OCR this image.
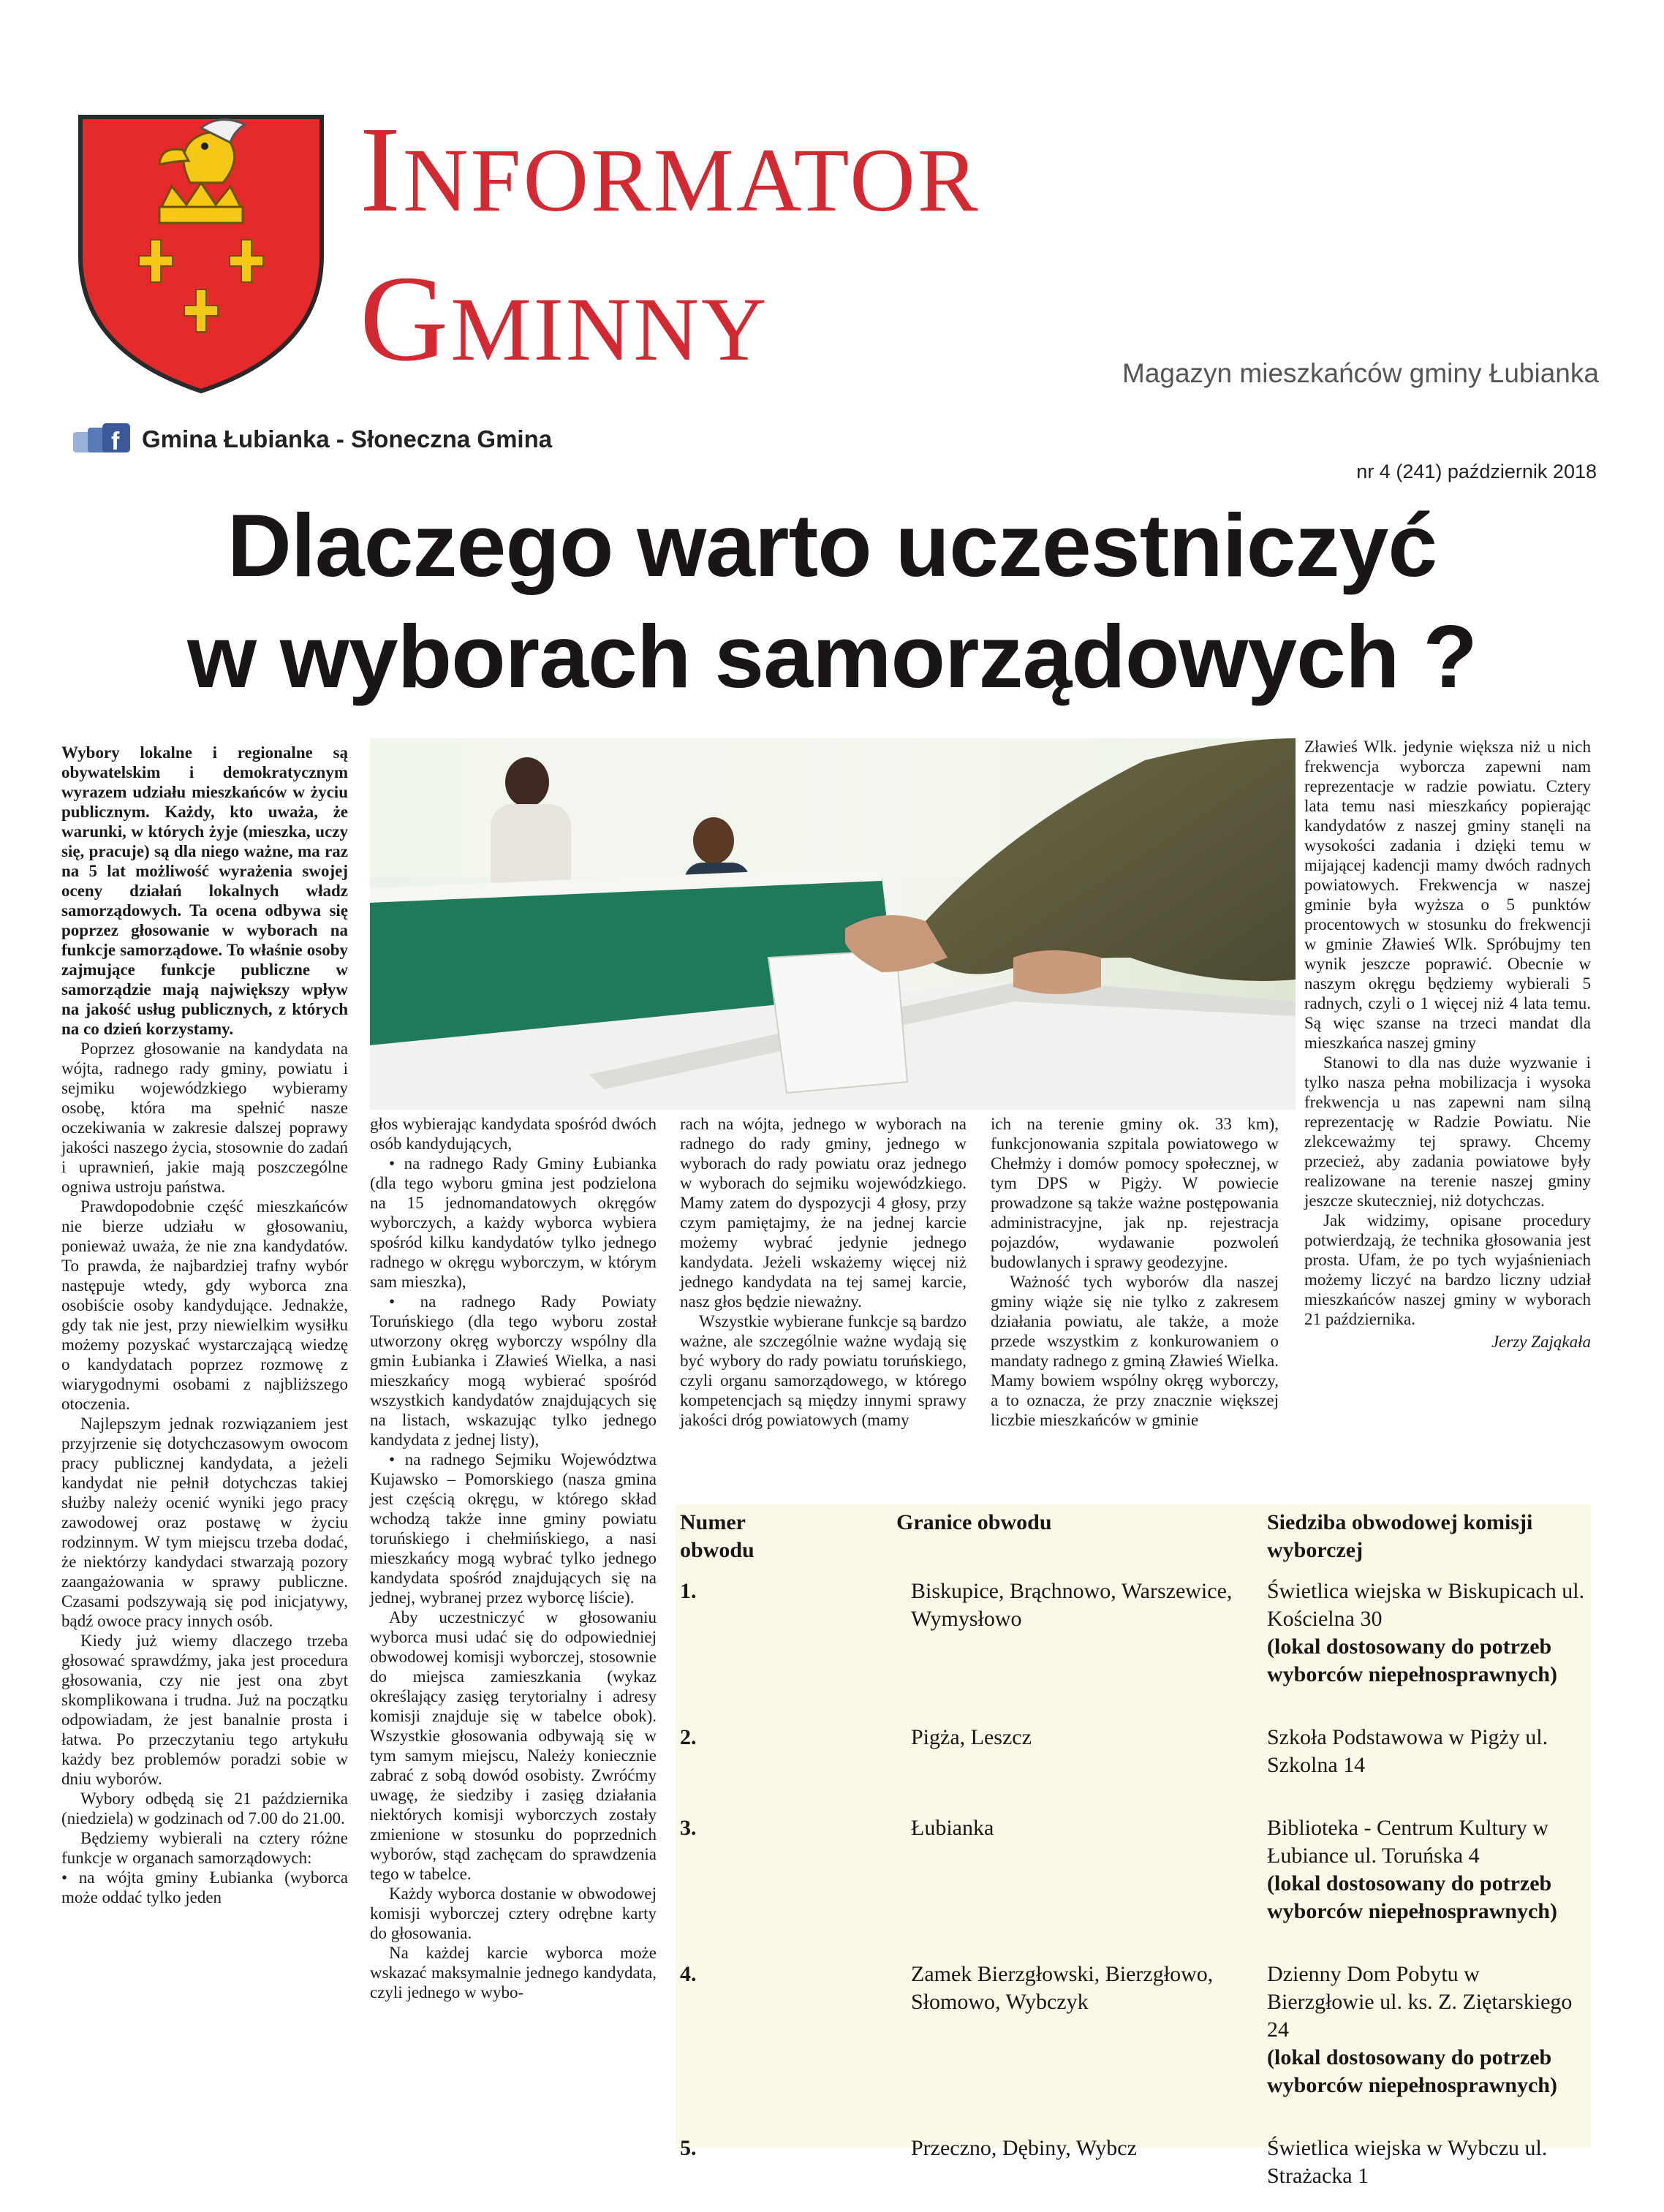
INFORMATOR
GMINNY	Magazyn mieszkańców gminy Łubianka
f Gmina Łubianka - Słoneczna Gmina
nr 4 (241) październik 2018
Dlaczego warto uczestniczyć
w wyborach samorządowych ?

Wybory lokalne i regionalne są obywatelskim i demokratycznym wyrazem udziału mieszkańców w życiu publicznym. Każdy, kto uważa, że warunki, w których żyje (mieszka, uczy się, pracuje) są dla niego ważne, ma raz na 5 lat możliwość wyrażenia swojej oceny działań lokalnych władz samorządowych. Ta ocena odbywa się poprzez głosowanie w wyborach na funkcje samorządowe. To właśnie osoby zajmujące funkcje publiczne w samorządzie mają największy wpływ na jakość usług publicznych, z których na co dzień korzystamy.

Poprzez głosowanie na kandydata na wójta, radnego rady gminy, powiatu i sejmiku wojewódzkiego wybieramy osobę, która ma spełnić nasze oczekiwania w zakresie dalszej poprawy jakości naszego życia, stosownie do zadań i uprawnień, jakie mają poszczególne ogniwa ustroju państwa.

Prawdopodobnie część mieszkańców nie bierze udziału w głosowaniu, ponieważ uważa, że nie zna kandydatów. To prawda, że najbardziej trafny wybór następuje wtedy, gdy wyborca zna osobiście osoby kandydujące. Jednakże, gdy tak nie jest, przy niewielkim wysiłku możemy pozyskać wystarczającą wiedzę o kandydatach poprzez rozmowę z wiarygodnymi osobami z najbliższego otoczenia.

Najlepszym jednak rozwiązaniem jest przyjrzenie się dotychczasowym owocom pracy publicznej kandydata, a jeżeli kandydat nie pełnił dotychczas takiej służby należy ocenić wyniki jego pracy zawodowej oraz postawę w życiu rodzinnym. W tym miejscu trzeba dodać, że niektórzy kandydaci stwarzają pozory zaangażowania w sprawy publiczne. Czasami podszywają się pod inicjatywy, bądź owoce pracy innych osób.

Kiedy już wiemy dlaczego trzeba głosować sprawdźmy, jaka jest procedura głosowania, czy nie jest ona zbyt skomplikowana i trudna. Już na początku odpowiadam, że jest banalnie prosta i łatwa. Po przeczytaniu tego artykułu każdy bez problemów poradzi sobie w dniu wyborów.

Wybory odbędą się 21 października (niedziela) w godzinach od 7.00 do 21.00.

Będziemy wybierali na cztery różne funkcje w organach samorządowych:

• na wójta gminy Łubianka (wyborca może oddać tylko jeden

głos wybierając kandydata spośród dwóch osób kandydujących,

• na radnego Rady Gminy Łubianka (dla tego wyboru gmina jest podzielona na 15 jednomandatowych okręgów wyborczych, a każdy wyborca wybiera spośród kilku kandydatów tylko jednego radnego w okręgu wyborczym, w którym sam mieszka),

• na radnego Rady Powiaty Toruńskiego (dla tego wyboru został utworzony okręg wyborczy wspólny dla gmin Łubianka i Zławieś Wielka, a nasi mieszkańcy mogą wybierać spośród wszystkich kandydatów znajdujących się na listach, wskazując tylko jednego kandydata z jednej listy),

• na radnego Sejmiku Województwa Kujawsko – Pomorskiego (nasza gmina jest częścią okręgu, w którego skład wchodzą także inne gminy powiatu toruńskiego i chełmińskiego, a nasi mieszkańcy mogą wybrać tylko jednego kandydata spośród znajdujących się na jednej, wybranej przez wyborcę liście).

Aby uczestniczyć w głosowaniu wyborca musi udać się do odpowiedniej obwodowej komisji wyborczej, stosownie do miejsca zamieszkania (wykaz określający zasięg terytorialny i adresy komisji znajduje się w tabelce obok). Wszystkie głosowania odbywają się w tym samym miejscu, Należy koniecznie zabrać z sobą dowód osobisty. Zwróćmy uwagę, że siedziby i zasięg działania niektórych komisji wyborczych zostały zmienione w stosunku do poprzednich wyborów, stąd zachęcam do sprawdzenia tego w tabelce.

Każdy wyborca dostanie w obwodowej komisji wyborczej cztery odrębne karty do głosowania.

Na każdej karcie wyborca może wskazać maksymalnie jednego kandydata, czyli jednego w wybo-

rach na wójta, jednego w wyborach na radnego do rady gminy, jednego w wyborach do rady powiatu oraz jednego w wyborach do sejmiku wojewódzkiego. Mamy zatem do dyspozycji 4 głosy, przy czym pamiętajmy, że na jednej karcie możemy wybrać jedynie jednego kandydata. Jeżeli wskażemy więcej niż jednego kandydata na tej samej karcie, nasz głos będzie nieważny.

Wszystkie wybierane funkcje są bardzo ważne, ale szczególnie ważne wydają się być wybory do rady powiatu toruńskiego, czyli organu samorządowego, w którego kompetencjach są między innymi sprawy jakości dróg powiatowych (mamy

ich na terenie gminy ok. 33 km), funkcjonowania szpitala powiatowego w Chełmży i domów pomocy społecznej, w tym DPS w Pigży. W powiecie prowadzone są także ważne postępowania administracyjne, jak np. rejestracja pojazdów, wydawanie pozwoleń budowlanych i sprawy geodezyjne.

Ważność tych wyborów dla naszej gminy wiąże się nie tylko z zakresem działania powiatu, ale także, a może przede wszystkim z konkurowaniem o mandaty radnego z gminą Zławieś Wielka. Mamy bowiem wspólny okręg wyborczy, a to oznacza, że przy znacznie większej liczbie mieszkańców w gminie

Zławieś Wlk. jedynie większa niż u nich frekwencja wyborcza zapewni nam reprezentacje w radzie powiatu. Cztery lata temu nasi mieszkańcy popierając kandydatów z naszej gminy stanęli na wysokości zadania i dzięki temu w mijającej kadencji mamy dwóch radnych powiatowych. Frekwencja w naszej gminie była wyższa o 5 punktów procentowych w stosunku do frekwencji w gminie Zławieś Wlk. Spróbujmy ten wynik jeszcze poprawić. Obecnie w naszym okręgu będziemy wybierali 5 radnych, czyli o 1 więcej niż 4 lata temu. Są więc szanse na trzeci mandat dla mieszkańca naszej gminy

Stanowi to dla nas duże wyzwanie i tylko nasza pełna mobilizacja i wysoka frekwencja u nas zapewni nam silną reprezentację w Radzie Powiatu. Nie zlekceważmy tej sprawy. Chcemy przecież, aby zadania powiatowe były realizowane na terenie naszej gminy jeszcze skuteczniej, niż dotychczas.

Jak widzimy, opisane procedury potwierdzają, że technika głosowania jest prosta. Ufam, że po tych wyjaśnieniach możemy liczyć na bardzo liczny udział mieszkańców naszej gminy w wyborach 21 października.

Jerzy Zająkała

Numer obwodu	Granice obwodu	Siedziba obwodowej komisji wyborczej
1.	Biskupice, Brąchnowo, Warszewice, Wymysłowo	Świetlica wiejska w Biskupicach ul. Kościelna 30
(lokal dostosowany do potrzeb wyborców niepełnosprawnych)

2.	Pigża, Leszcz	Szkoła Podstawowa w Pigży ul. Szkolna 14

3.	Łubianka	Biblioteka - Centrum Kultury w Łubiance ul. Toruńska 4
(lokal dostosowany do potrzeb wyborców niepełnosprawnych)

4.	Zamek Bierzgłowski, Bierzgłowo, Słomowo, Wybczyk	Dzienny Dom Pobytu w Bierzgłowie ul. ks. Z. Ziętarskiego 24
(lokal dostosowany do potrzeb wyborców niepełnosprawnych)

5.	Przeczno, Dębiny, Wybcz	Świetlica wiejska w Wybczu ul. Strażacka 1
